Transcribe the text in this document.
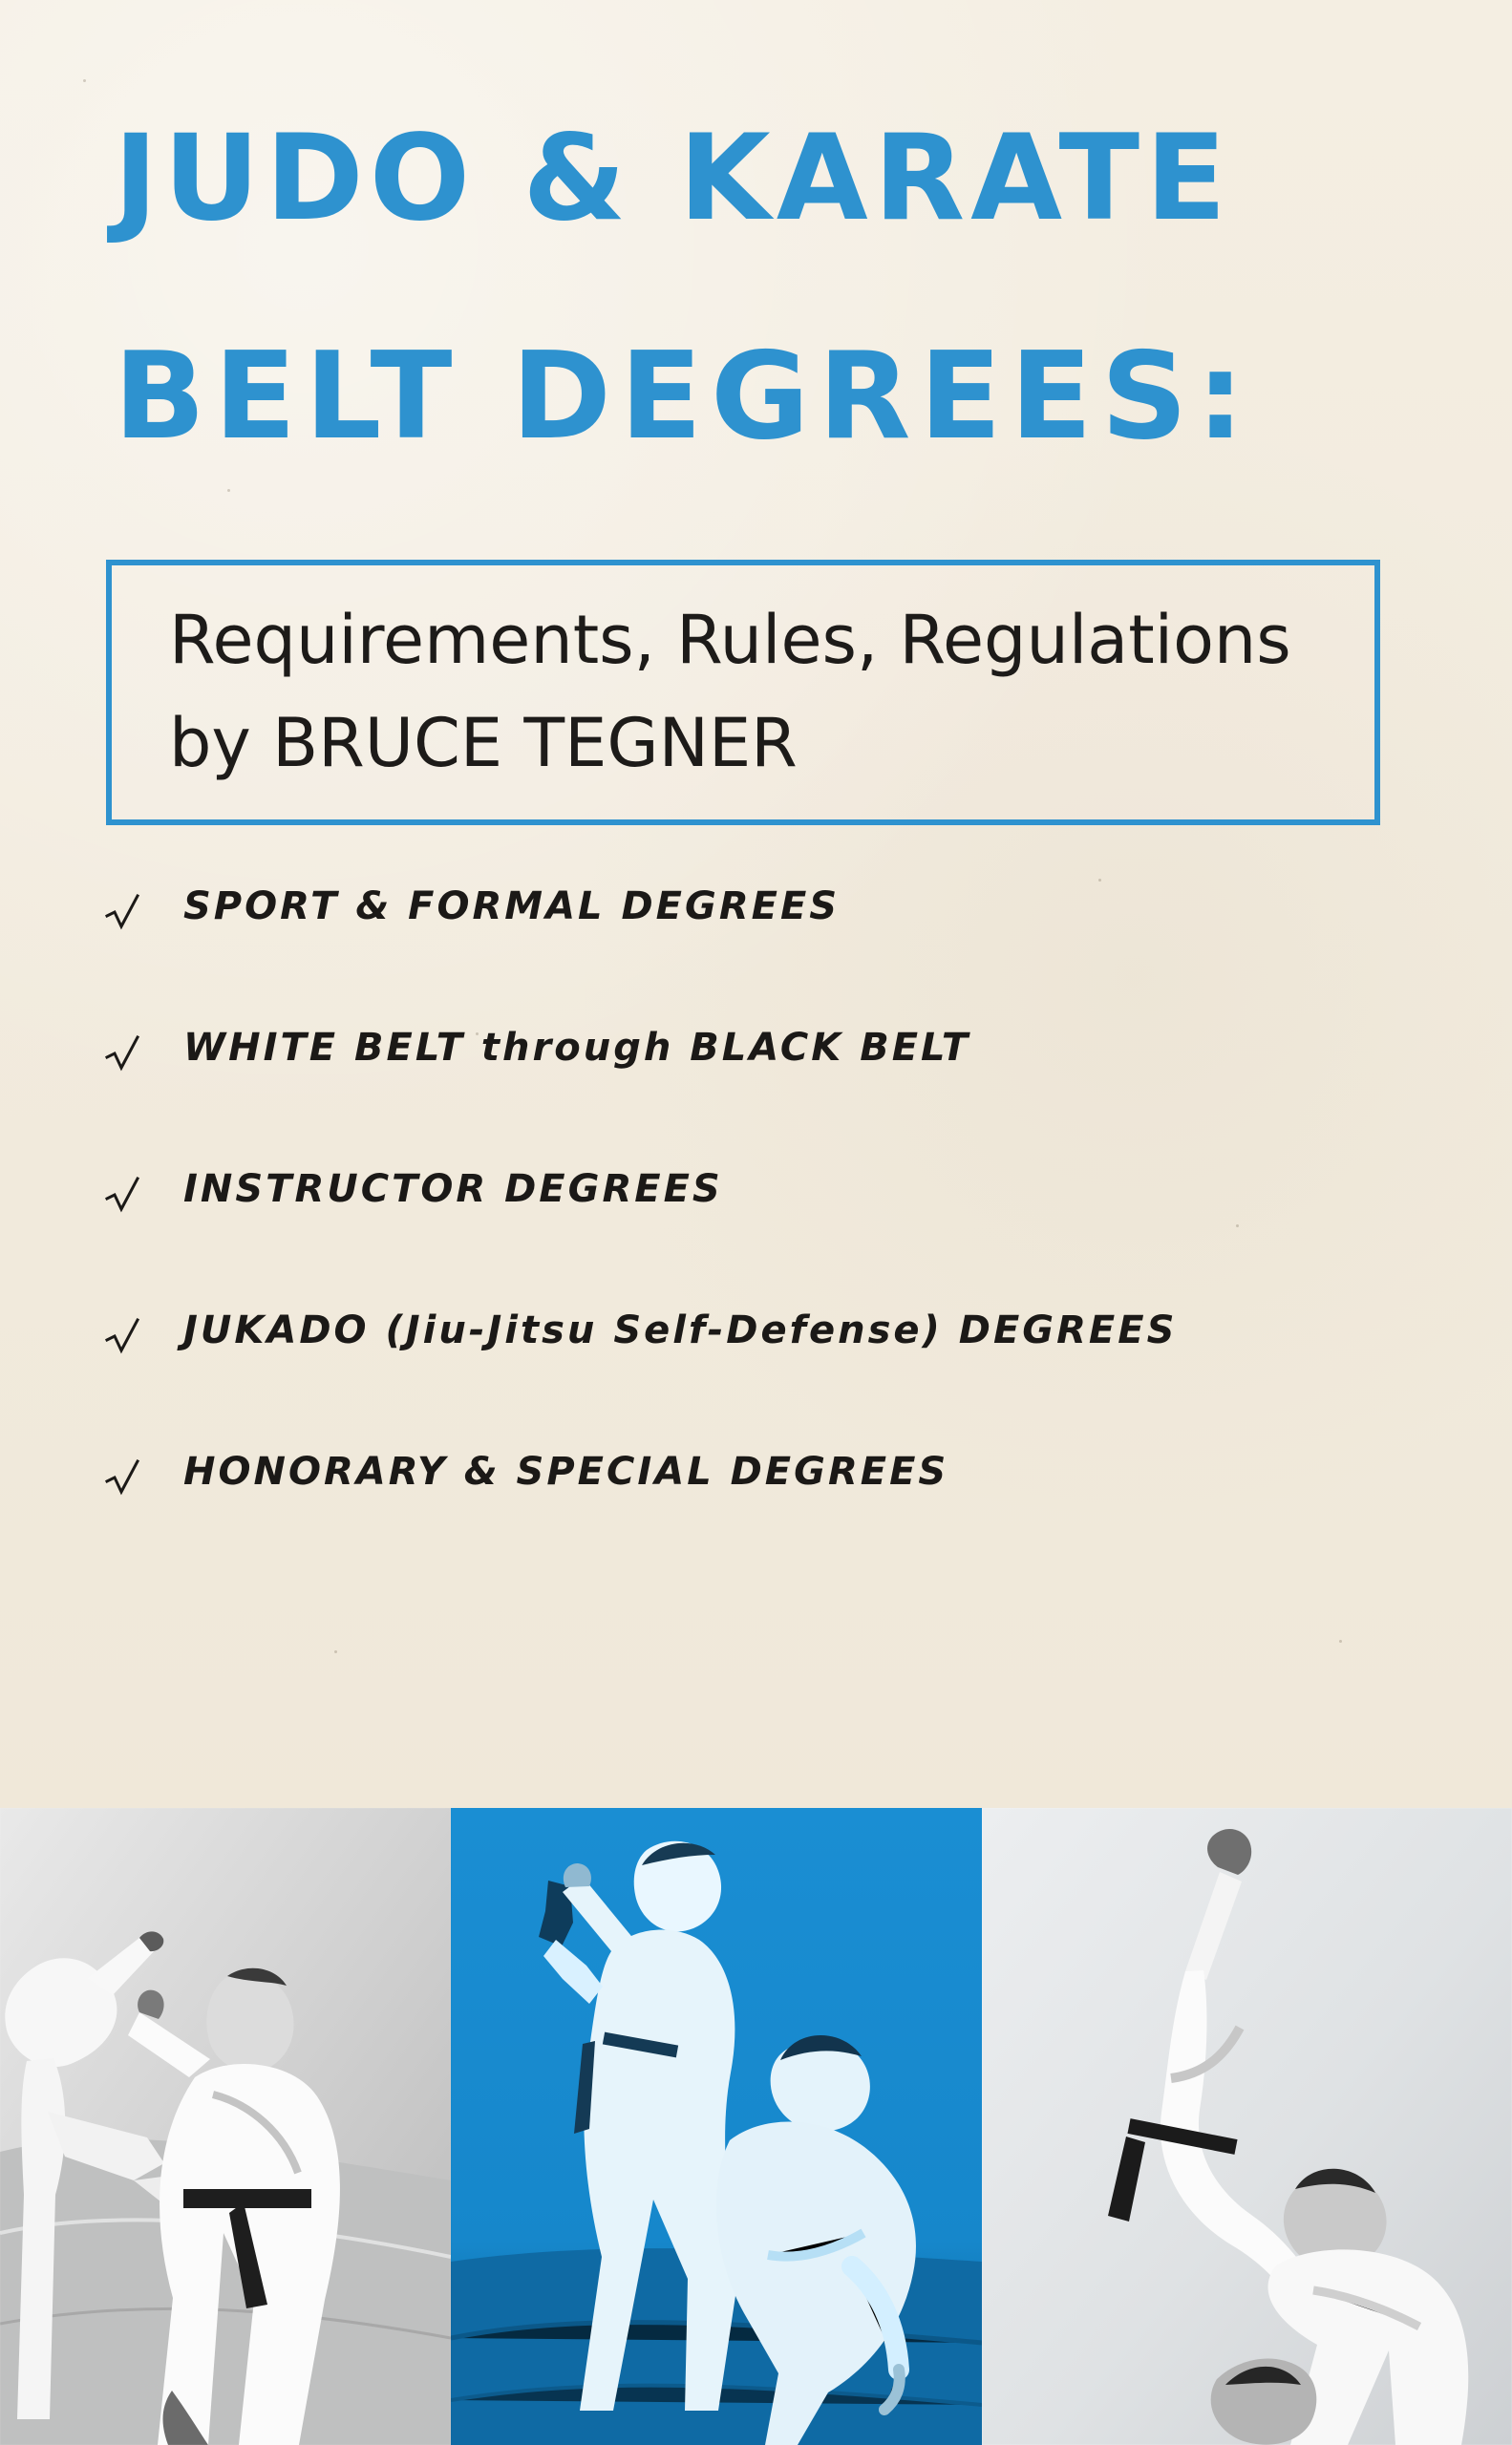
JUDO & KARATE
BELT DEGREES:

Requirements, Rules, Regulations

by BRUCE TEGNER

SPORT & FORMAL DEGREES
WHITE BELT through BLACK BELT
INSTRUCTOR DEGREES
JUKADO (Jiu-Jitsu Self-Defense) DEGREES
HONORARY & SPECIAL DEGREES
